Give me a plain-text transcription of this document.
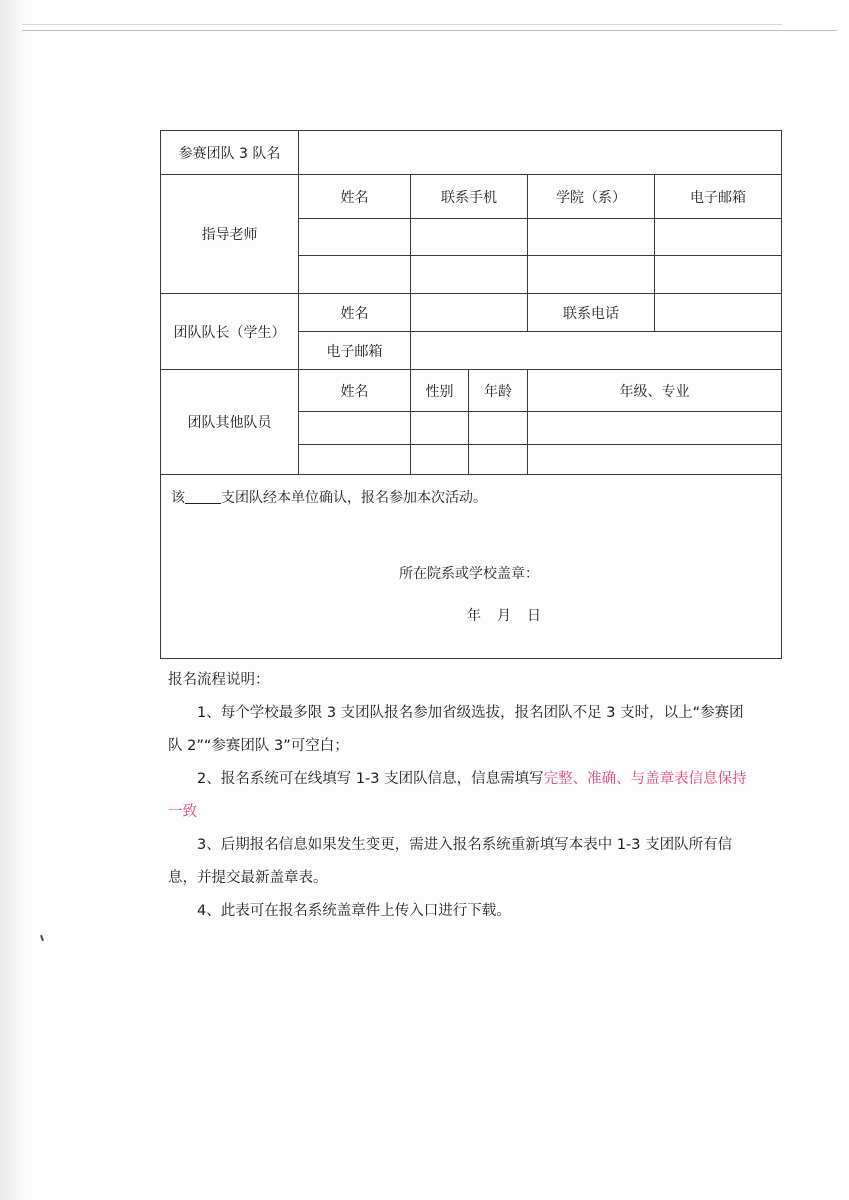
参赛团队 3 队名					
指导老师	姓名	联系手机		学院（系）	电子邮箱

团队队长（学生）	姓名			联系电话	
	电子邮箱				
团队其他队员	姓名	性别	年龄	年级、专业	

该 支团队经本单位确认，报名参加本次活动。
所在院系或学校盖章：
年　月　日					
报名流程说明：

1、每个学校最多限 3 支团队报名参加省级选拔，报名团队不足 3 支时，以上“参赛团队 2”“参赛团队 3”可空白；

2、报名系统可在线填写 1-3 支团队信息，信息需填写完整、准确、与盖章表信息保持一致

3、后期报名信息如果发生变更，需进入报名系统重新填写本表中 1-3 支团队所有信息，并提交最新盖章表。

4、此表可在报名系统盖章件上传入口进行下载。
